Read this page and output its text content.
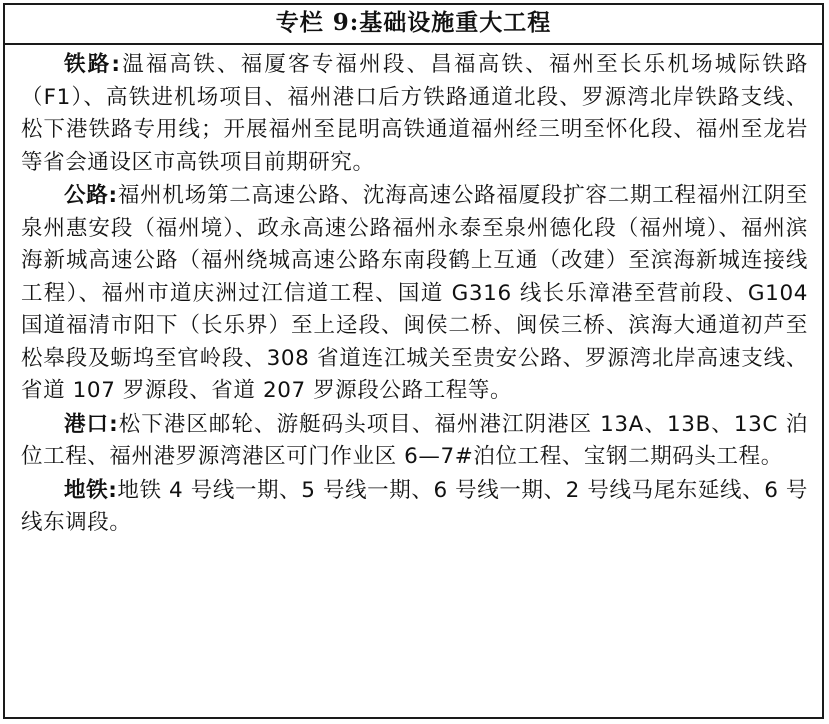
专栏 9:基础设施重大工程

铁路:温福高铁、福厦客专福州段、昌福高铁、福州至长乐机场城际铁路（F1）、高铁进机场项目、福州港口后方铁路通道北段、罗源湾北岸铁路支线、松下港铁路专用线；开展福州至昆明高铁通道福州经三明至怀化段、福州至龙岩等省会通设区市高铁项目前期研究。

公路:福州机场第二高速公路、沈海高速公路福厦段扩容二期工程福州江阴至泉州惠安段（福州境）、政永高速公路福州永泰至泉州德化段（福州境）、福州滨海新城高速公路（福州绕城高速公路东南段鹤上互通（改建）至滨海新城连接线工程）、福州市道庆洲过江信道工程、国道 G316 线长乐漳港至营前段、G104 国道福清市阳下（长乐界）至上迳段、闽侯二桥、闽侯三桥、滨海大通道初芦至松皋段及蛎坞至官岭段、308 省道连江城关至贵安公路、罗源湾北岸高速支线、省道 107 罗源段、省道 207 罗源段公路工程等。

港口:松下港区邮轮、游艇码头项目、福州港江阴港区 13A、13B、13C 泊位工程、福州港罗源湾港区可门作业区 6—7#泊位工程、宝钢二期码头工程。

地铁:地铁 4 号线一期、5 号线一期、6 号线一期、2 号线马尾东延线、6 号线东调段。
